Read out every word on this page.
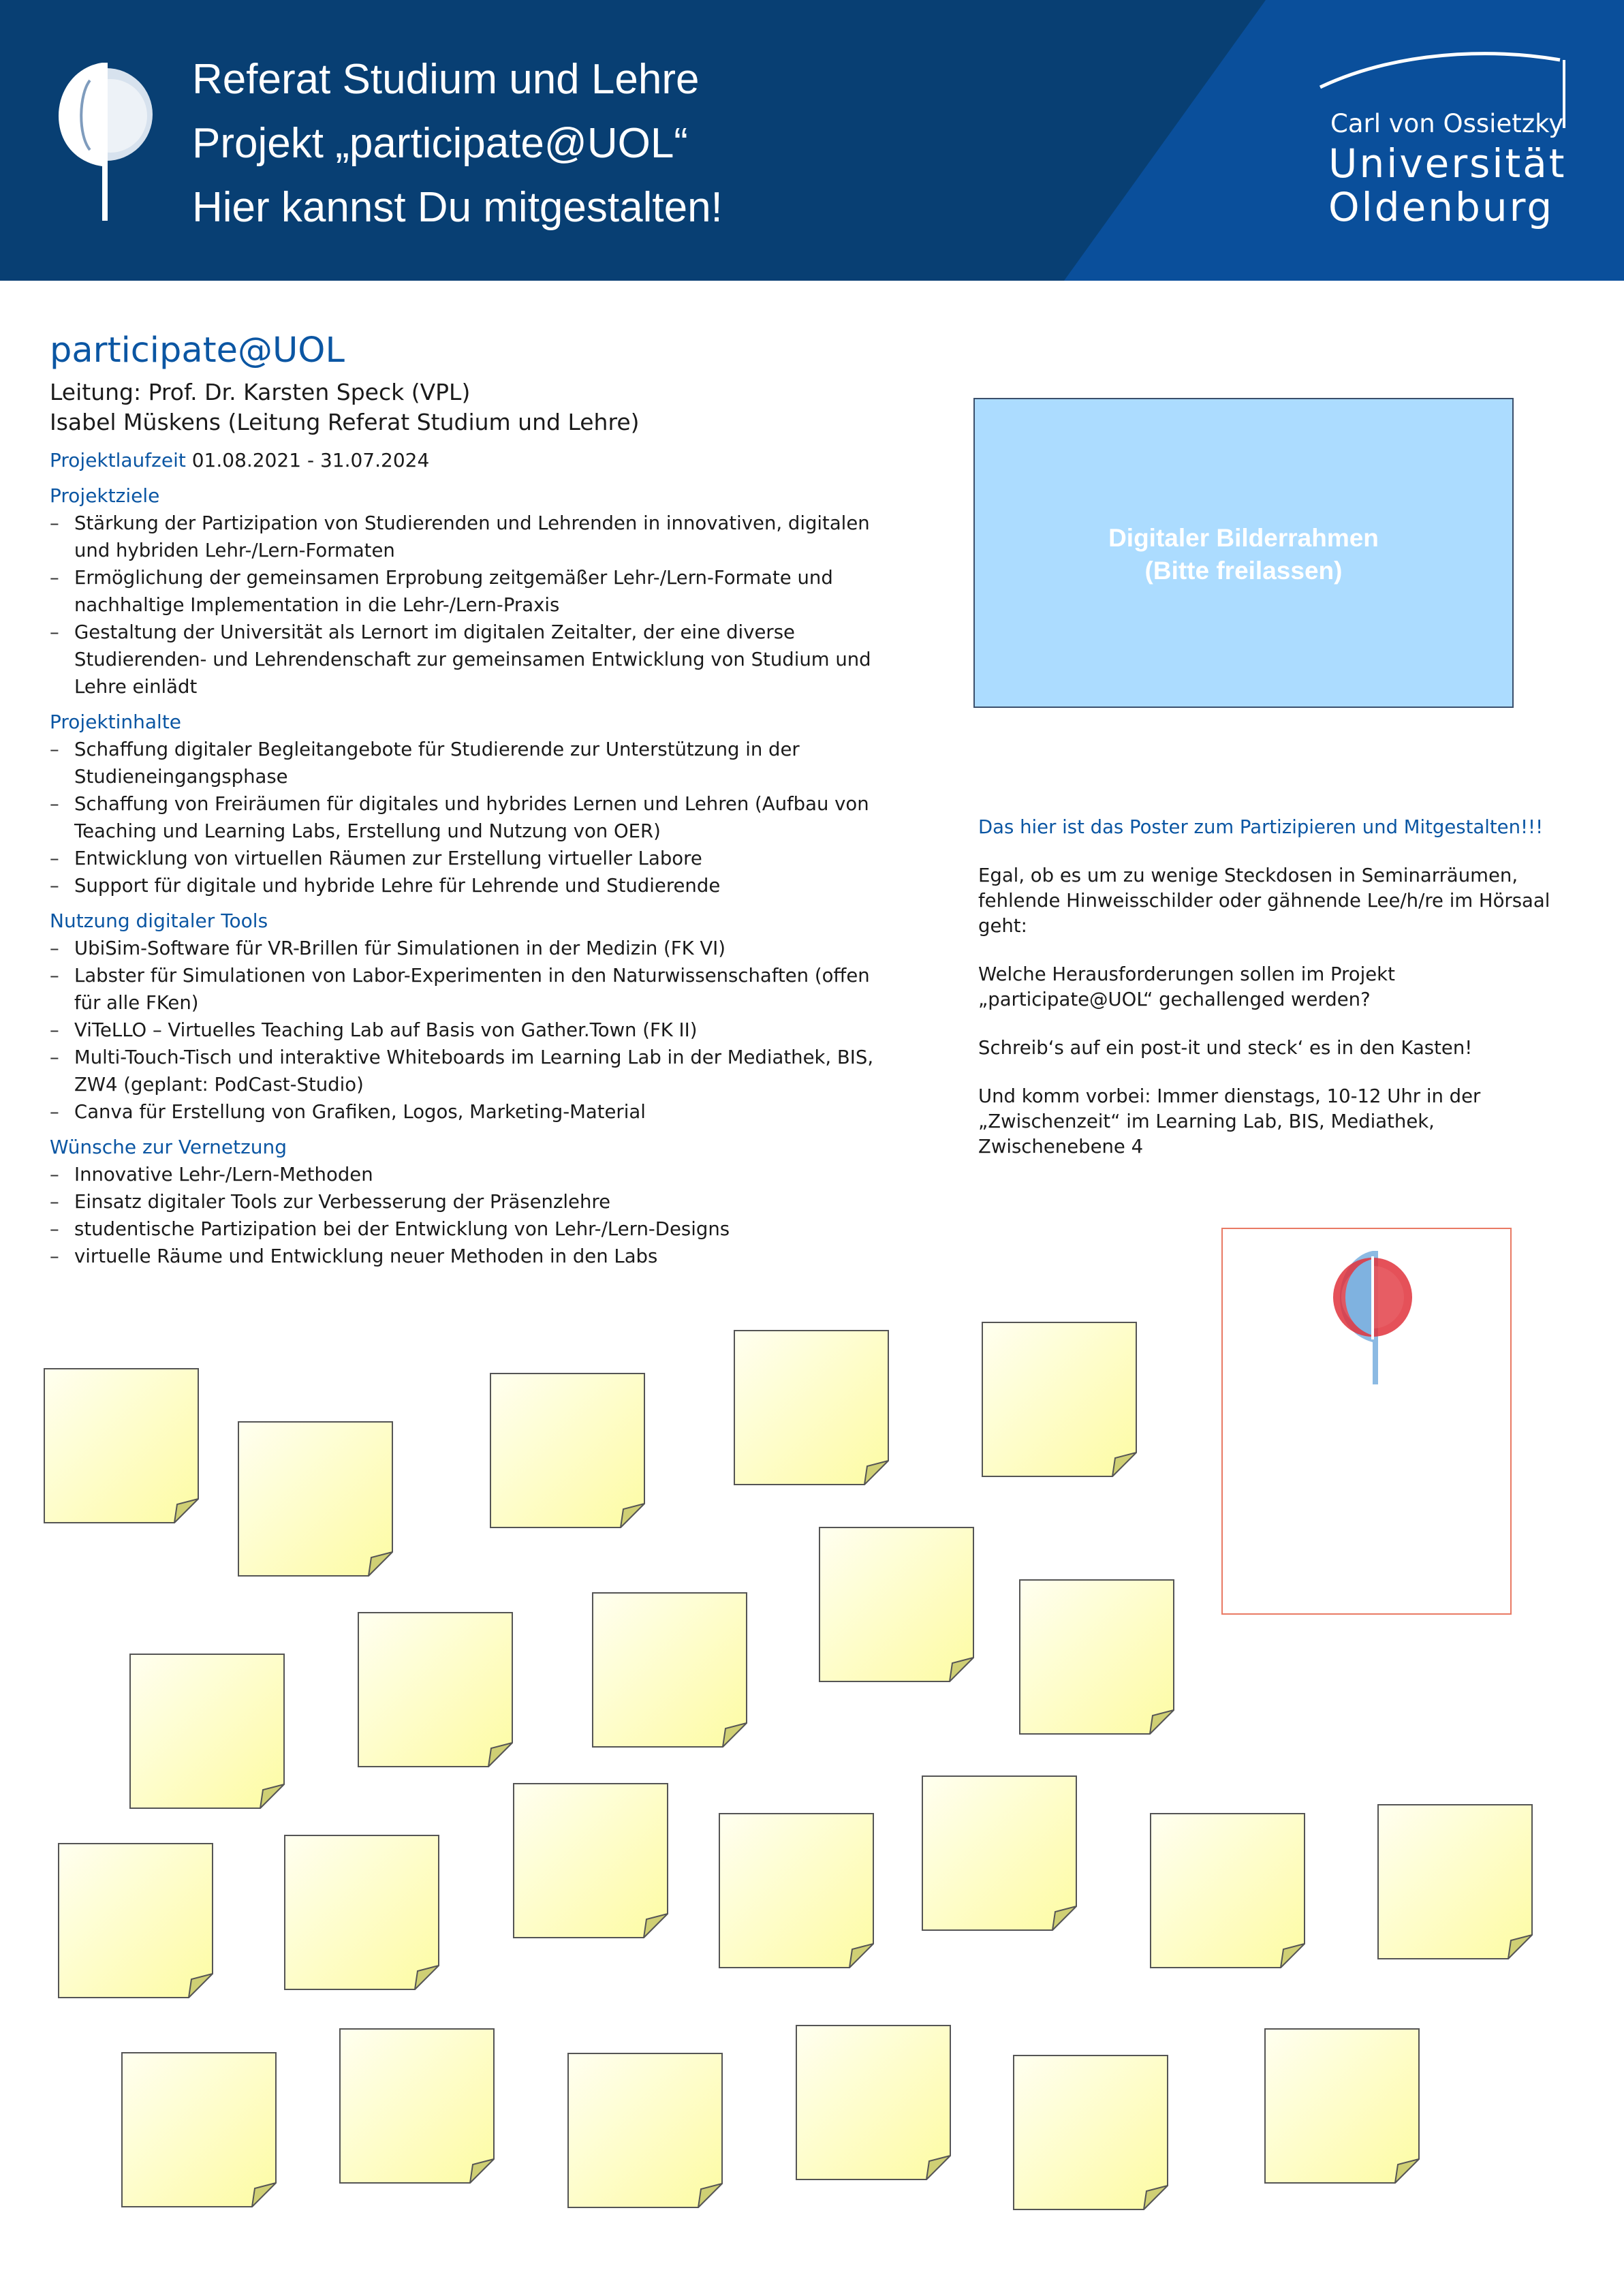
Referat Studium und Lehre
Projekt „participate@UOL“
Hier kannst Du mitgestalten!
Carl von Ossietzky
Universität
Oldenburg
participate@UOL
Leitung: Prof. Dr. Karsten Speck (VPL)
Isabel Müskens (Leitung Referat Studium und Lehre)
Projektlaufzeit 01.08.2021 - 31.07.2024
Projektziele
– Stärkung der Partizipation von Studierenden und Lehrenden in innovativen, digitalen und hybriden Lehr-/Lern-Formaten
– Ermöglichung der gemeinsamen Erprobung zeitgemäßer Lehr-/Lern-Formate und nachhaltige Implementation in die Lehr-/Lern-Praxis
– Gestaltung der Universität als Lernort im digitalen Zeitalter, der eine diverse Studierenden- und Lehrendenschaft zur gemeinsamen Entwicklung von Studium und Lehre einlädt
Projektinhalte
– Schaffung digitaler Begleitangebote für Studierende zur Unterstützung in der Studieneingangsphase
– Schaffung von Freiräumen für digitales und hybrides Lernen und Lehren (Aufbau von Teaching und Learning Labs, Erstellung und Nutzung von OER)
– Entwicklung von virtuellen Räumen zur Erstellung virtueller Labore
– Support für digitale und hybride Lehre für Lehrende und Studierende
Nutzung digitaler Tools
– UbiSim-Software für VR-Brillen für Simulationen in der Medizin (FK VI)
– Labster für Simulationen von Labor-Experimenten in den Naturwissenschaften (offen für alle FKen)
– ViTeLLO – Virtuelles Teaching Lab auf Basis von Gather.Town (FK II)
– Multi-Touch-Tisch und interaktive Whiteboards im Learning Lab in der Mediathek, BIS, ZW4 (geplant: PodCast-Studio)
– Canva für Erstellung von Grafiken, Logos, Marketing-Material
Wünsche zur Vernetzung
– Innovative Lehr-/Lern-Methoden
– Einsatz digitaler Tools zur Verbesserung der Präsenzlehre
– studentische Partizipation bei der Entwicklung von Lehr-/Lern-Designs
– virtuelle Räume und Entwicklung neuer Methoden in den Labs
Digitaler Bilderrahmen
(Bitte freilassen)

Das hier ist das Poster zum Partizipieren und Mitgestalten!!!

Egal, ob es um zu wenige Steckdosen in Seminarräumen, fehlende Hinweisschilder oder gähnende Lee/h/re im Hörsaal geht:

Welche Herausforderungen sollen im Projekt „participate@UOL“ gechallenged werden?

Schreib‘s auf ein post-it und steck‘ es in den Kasten!

Und komm vorbei: Immer dienstags, 10-12 Uhr in der „Zwischenzeit“ im Learning Lab, BIS, Mediathek, Zwischenebene 4
